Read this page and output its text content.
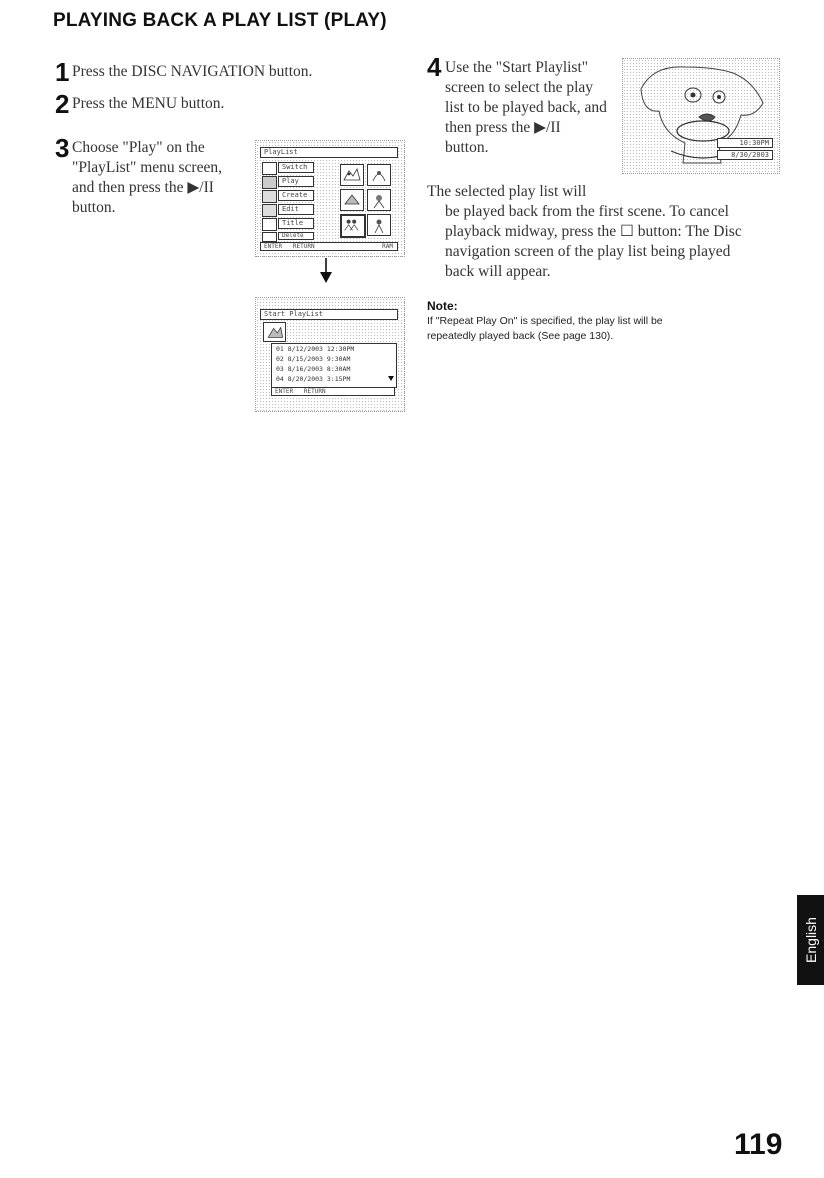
PLAYING BACK A PLAY LIST (PLAY)
1 Press the DISC NAVIGATION button.
2 Press the MENU button.
3 Choose "Play" on the
"PlayList" menu screen,
and then press the ▶/II
button.
PlayList
Switch
Play
Create
Edit
Title
Delete
ENTER RETURN	RAM
Start PlayList
01 8/12/2003 12:30PM
02 8/15/2003 9:30AM
03 8/16/2003 8:30AM
04 8/20/2003 3:15PM
ENTER RETURN
4 Use the "Start Playlist"
screen to select the play
list to be played back, and
then press the ▶/II
button.	10:30PM
8/30/2003
The selected play list will
be played back from the first scene. To cancel
playback midway, press the ☐ button: The Disc
navigation screen of the play list being played
back will appear.
Note:
If "Repeat Play On" is specified, the play list will be
repeatedly played back (See page 130).
English
119
